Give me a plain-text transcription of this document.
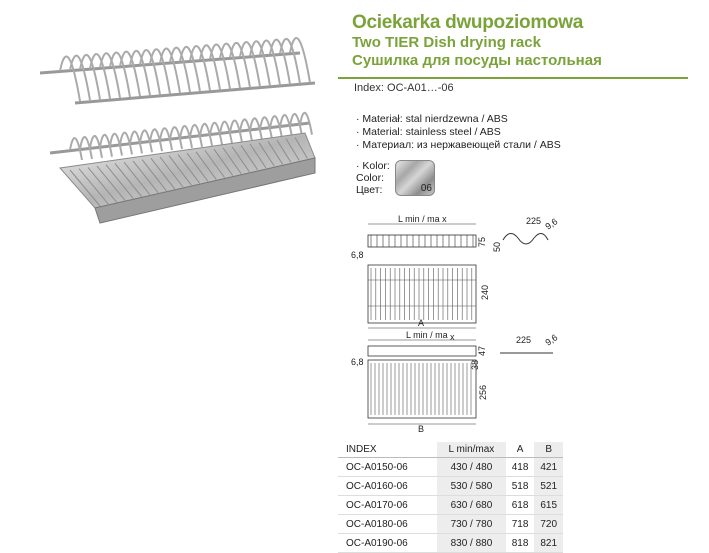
Ociekarka dwupoziomowa
Two TIER Dish drying rack
Сушилка для посуды настольная
Index: OC-A01…-06
· Materiał: stal nierdzewna / ABS
· Material: stainless steel / ABS
· Материал: из нержавеющей стали / ABS
· Kolor:
Color:
Цвет:	06
L min / ma x
6,8
75 50
225 9,6
240
A
L min / ma x
47
38
225 9,6
6,8
256
B
INDEX	L min/max	A	B
OC-A0150-06	430 / 480	418	421
OC-A0160-06	530 / 580	518	521
OC-A0170-06	630 / 680	618	615
OC-A0180-06	730 / 780	718	720
OC-A0190-06	830 / 880	818	821
